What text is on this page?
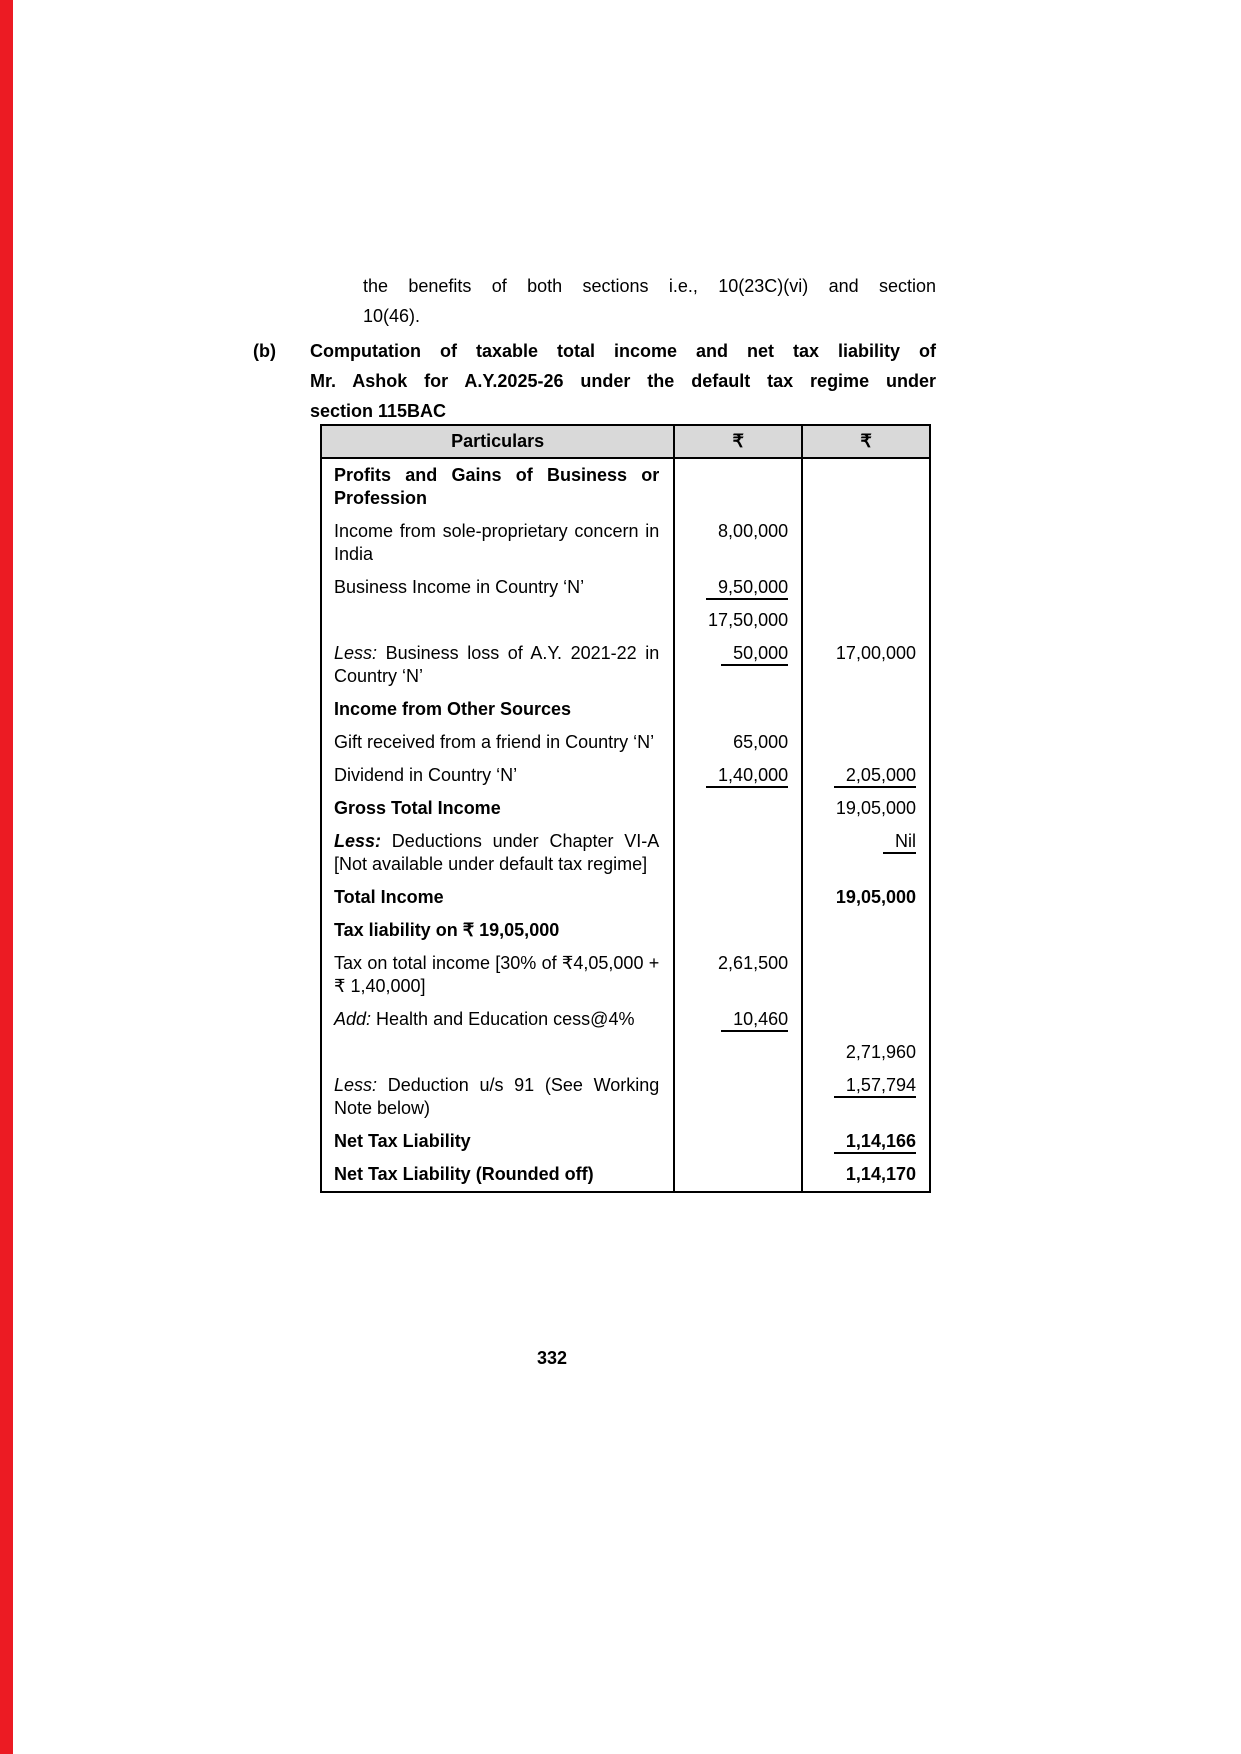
the benefits of both sections i.e., 10(23C)(vi) and section
10(46).
(b) Computation of taxable total income and net tax liability of
Mr. Ashok for A.Y.2025-26 under the default tax regime under
section 115BAC
Particulars	₹	₹
Profits and Gains of Business or Profession		
Income from sole-proprietary concern in India	8,00,000	
Business Income in Country ‘N’	9,50,000	
	17,50,000	
Less: Business loss of A.Y. 2021-22 in Country ‘N’	50,000	17,00,000
Income from Other Sources		
Gift received from a friend in Country ‘N’	65,000	
Dividend in Country ‘N’	1,40,000	2,05,000
Gross Total Income		19,05,000
Less: Deductions under Chapter VI-A [Not available under default tax regime]		Nil
Total Income		19,05,000
Tax liability on ₹ 19,05,000		
Tax on total income [30% of ₹4,05,000 + ₹ 1,40,000]	2,61,500	
Add: Health and Education cess@4%	10,460	
		2,71,960
Less: Deduction u/s 91 (See Working Note below)		1,57,794
Net Tax Liability		1,14,166
Net Tax Liability (Rounded off)		1,14,170
332
